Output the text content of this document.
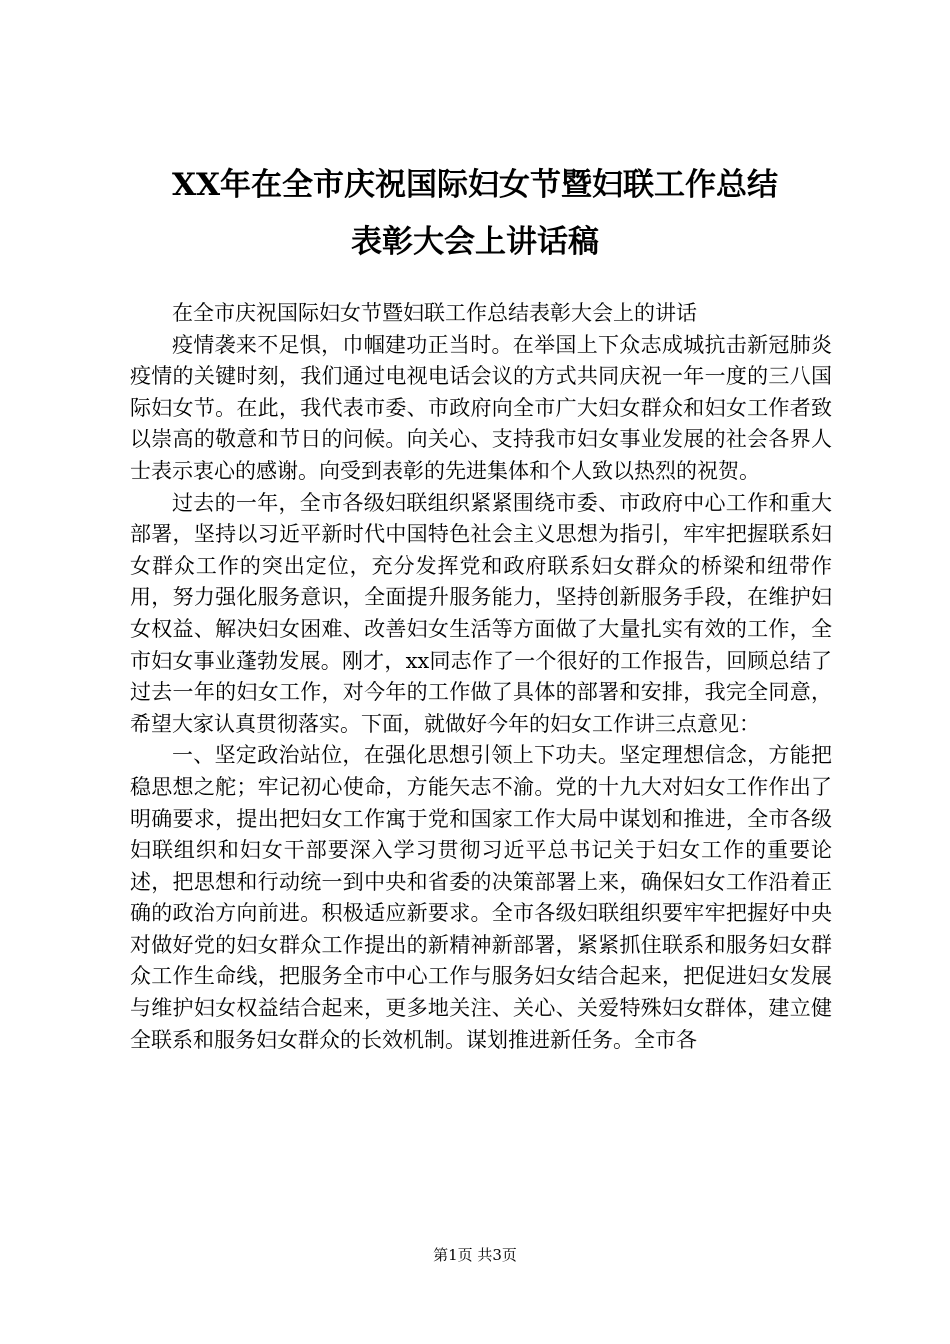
XX年在全市庆祝国际妇女节暨妇联工作总结
表彰大会上讲话稿

在全市庆祝国际妇女节暨妇联工作总结表彰大会上的讲话

疫情袭来不足惧，巾帼建功正当时。在举国上下众志成城抗击新冠肺炎疫情的关键时刻，我们通过电视电话会议的方式共同庆祝一年一度的三八国际妇女节。在此，我代表市委、市政府向全市广大妇女群众和妇女工作者致以崇高的敬意和节日的问候。向关心、支持我市妇女事业发展的社会各界人士表示衷心的感谢。向受到表彰的先进集体和个人致以热烈的祝贺。

过去的一年，全市各级妇联组织紧紧围绕市委、市政府中心工作和重大部署，坚持以习近平新时代中国特色社会主义思想为指引，牢牢把握联系妇女群众工作的突出定位，充分发挥党和政府联系妇女群众的桥梁和纽带作用，努力强化服务意识，全面提升服务能力，坚持创新服务手段，在维护妇女权益、解决妇女困难、改善妇女生活等方面做了大量扎实有效的工作，全市妇女事业蓬勃发展。刚才，xx同志作了一个很好的工作报告，回顾总结了过去一年的妇女工作，对今年的工作做了具体的部署和安排，我完全同意，希望大家认真贯彻落实。下面，就做好今年的妇女工作讲三点意见：

一、坚定政治站位，在强化思想引领上下功夫。坚定理想信念，方能把稳思想之舵；牢记初心使命，方能矢志不渝。党的十九大对妇女工作作出了明确要求，提出把妇女工作寓于党和国家工作大局中谋划和推进，全市各级妇联组织和妇女干部要深入学习贯彻习近平总书记关于妇女工作的重要论述，把思想和行动统一到中央和省委的决策部署上来，确保妇女工作沿着正确的政治方向前进。积极适应新要求。全市各级妇联组织要牢牢把握好中央对做好党的妇女群众工作提出的新精神新部署，紧紧抓住联系和服务妇女群众工作生命线，把服务全市中心工作与服务妇女结合起来，把促进妇女发展与维护妇女权益结合起来，更多地关注、关心、关爱特殊妇女群体，建立健全联系和服务妇女群众的长效机制。谋划推进新任务。全市各

第1页 共3页
